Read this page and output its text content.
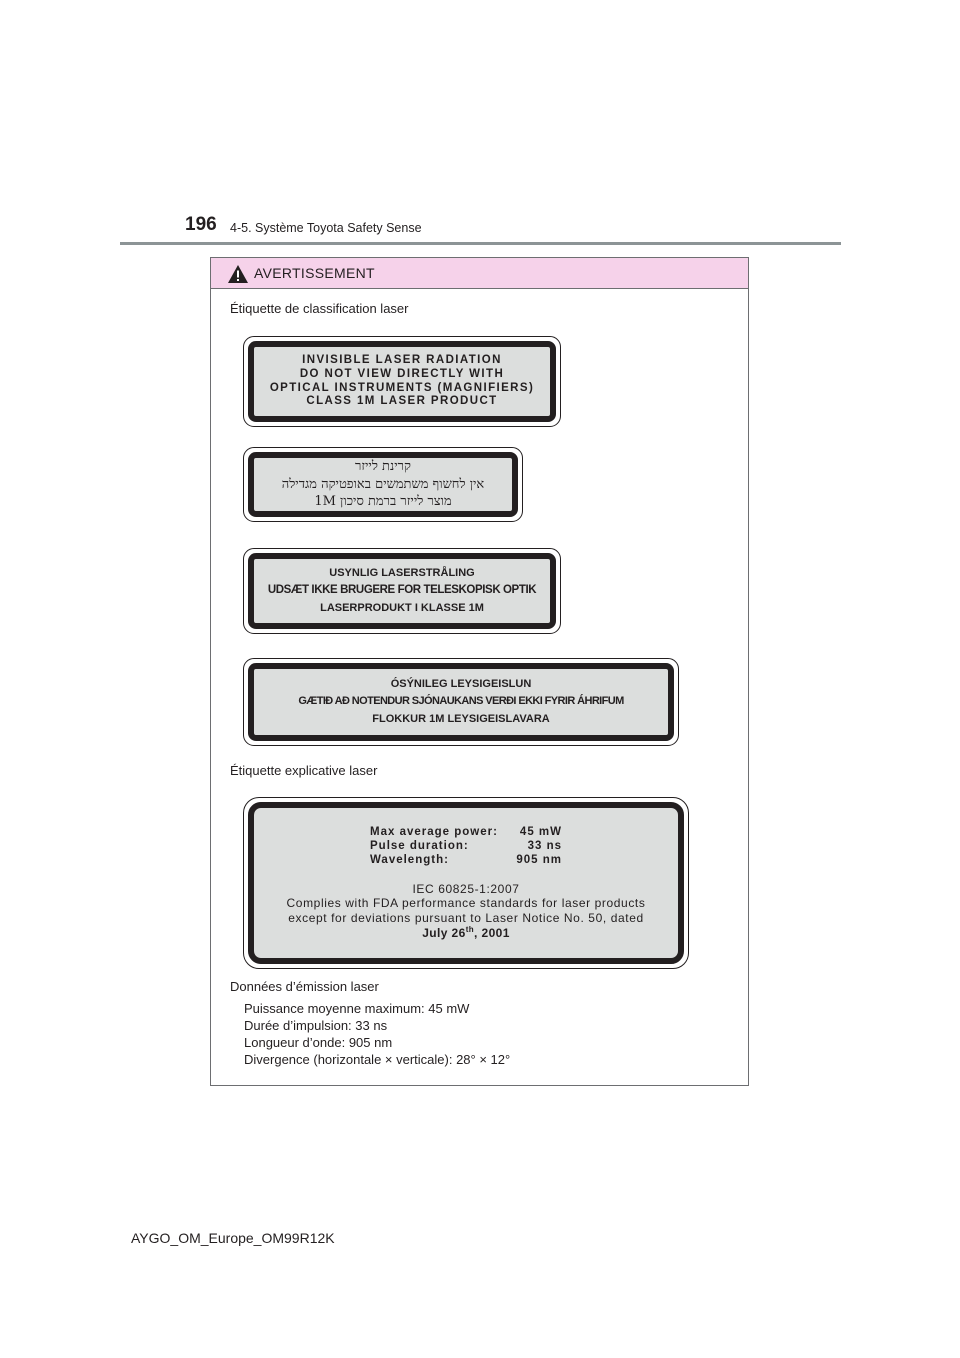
196 4-5. Système Toyota Safety Sense
AVERTISSEMENT
Étiquette de classification laser
INVISIBLE LASER RADIATION
DO NOT VIEW DIRECTLY WITH
OPTICAL INSTRUMENTS (MAGNIFIERS)
CLASS 1M LASER PRODUCT
קרינת לייזר
אין לחשוף משתמשים באופטיקה מגדילה
מוצר לייזר ברמת סיכון 1M
USYNLIG LASERSTRÅLING
UDSÆT IKKE BRUGERE FOR TELESKOPISK OPTIK
LASERPRODUKT I KLASSE 1M
ÓSÝNILEG LEYSIGEISLUN
GÆTIÐ AÐ NOTENDUR SJÓNAUKANS VERÐI EKKI FYRIR ÁHRIFUM
FLOKKUR 1M LEYSIGEISLAVARA
Étiquette explicative laser
Max average power:	45 mW
Pulse duration:	33 ns
Wavelength:	905 nm
IEC 60825-1:2007
Complies with FDA performance standards for laser products
except for deviations pursuant to Laser Notice No. 50, dated
July 26th, 2001
Données d’émission laser
Puissance moyenne maximum: 45 mW
Durée d’impulsion: 33 ns
Longueur d’onde: 905 nm
Divergence (horizontale × verticale): 28° × 12°
AYGO_OM_Europe_OM99R12K
